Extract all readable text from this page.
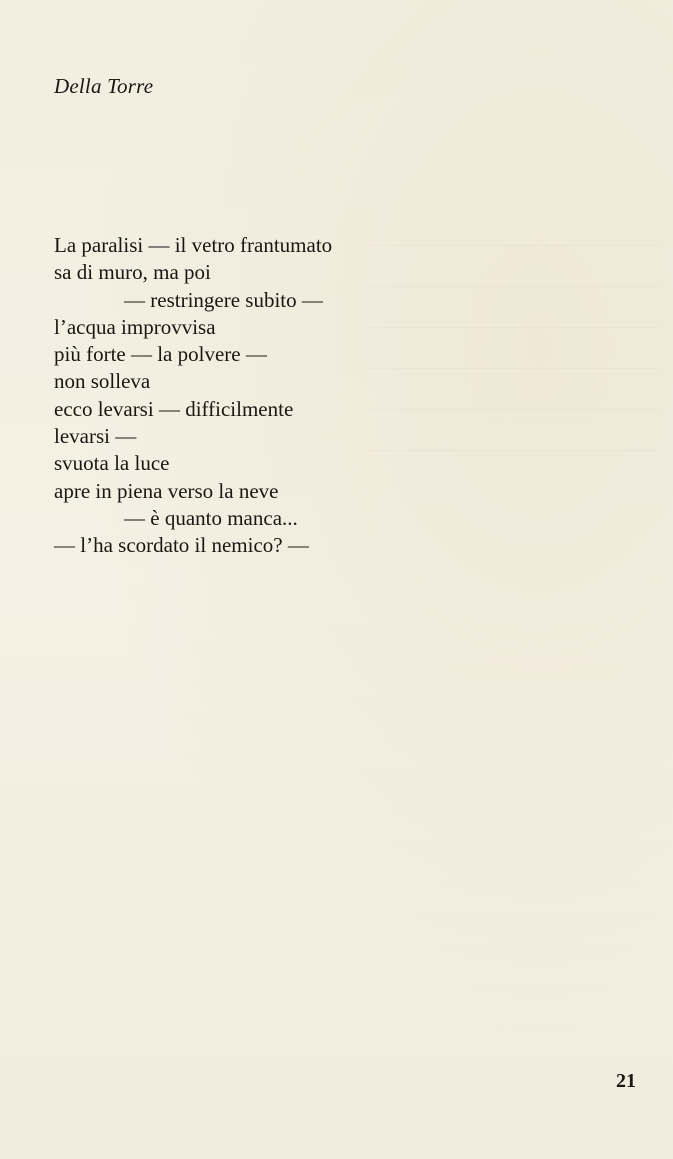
Della Torre
La paralisi — il vetro frantumato
sa di muro, ma poi
— restringere subito —
l’acqua improvvisa
più forte — la polvere —
non solleva
ecco levarsi — difficilmente
levarsi —
svuota la luce
apre in piena verso la neve
— è quanto manca...
— l’ha scordato il nemico? —
21
